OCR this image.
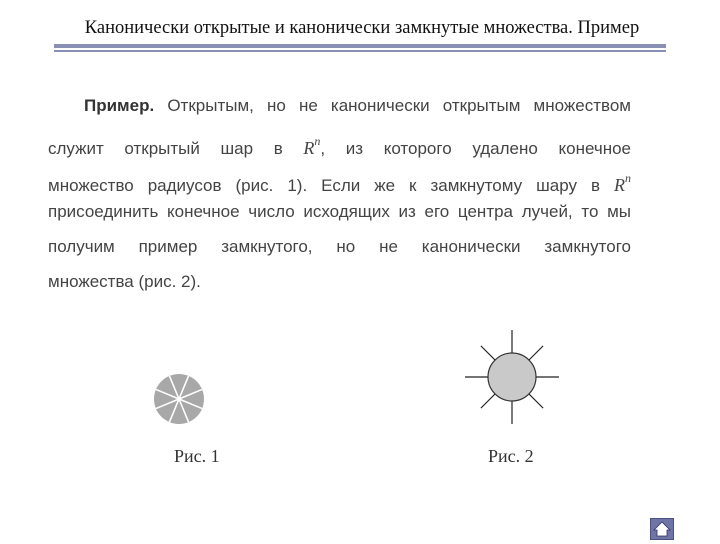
Канонически открытые и канонически замкнутые множества. Пример
Пример. Открытым, но не канонически открытым множеством
служит открытый шар в $R^n$, из которого удалено конечное
множество радиусов (рис. 1). Если же к замкнутому шару в $R^n$
присоединить конечное число исходящих из его центра лучей, то мы
получим пример замкнутого, но не канонически замкнутого
множества (рис. 2).
Рис. 1	Рис. 2
